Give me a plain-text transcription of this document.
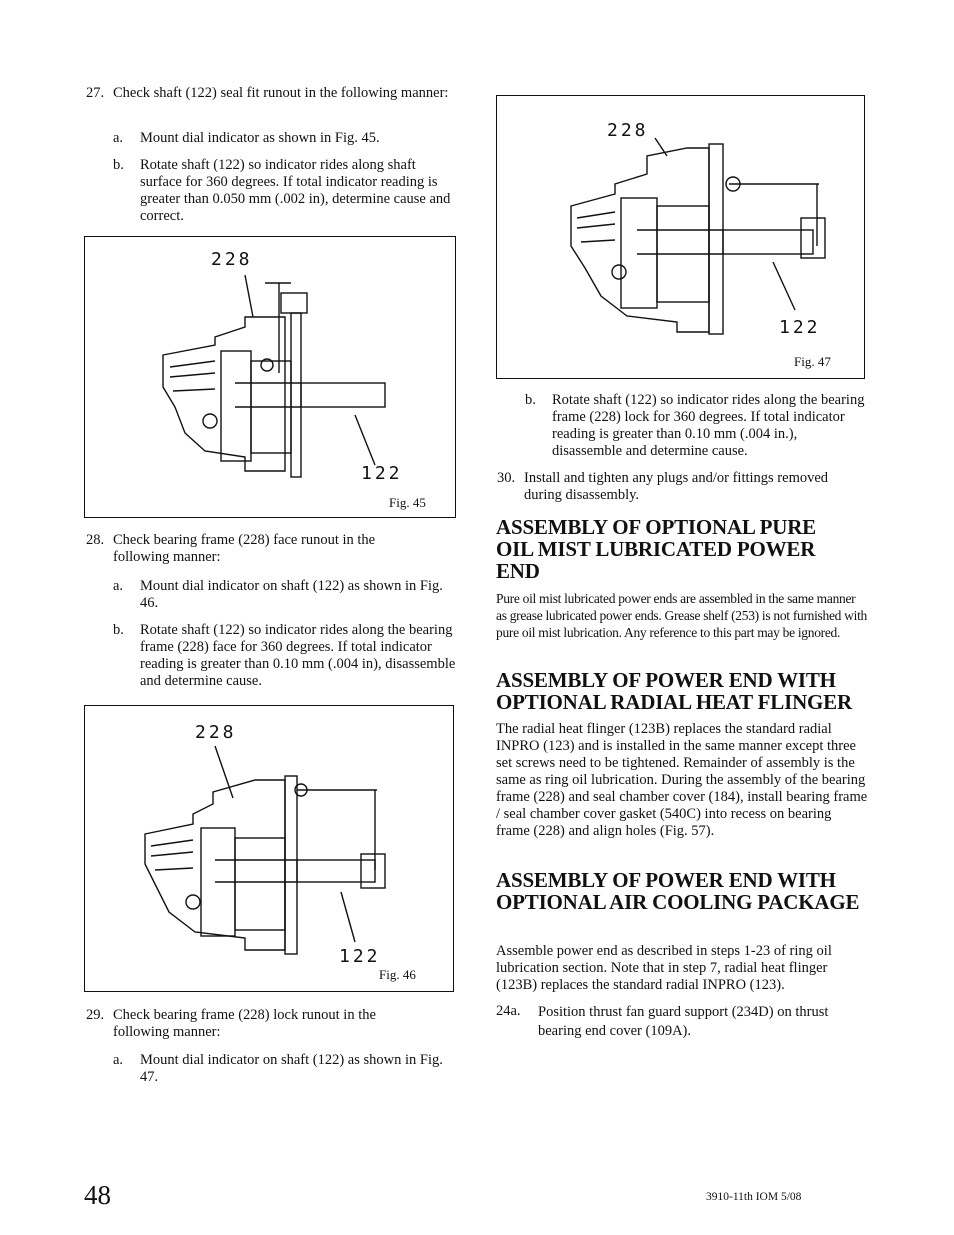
27. Check shaft (122) seal fit runout in the following manner:
a. Mount dial indicator as shown in Fig. 45.
b. Rotate shaft (122) so indicator rides along shaft surface for 360 degrees. If total indicator reading is greater than 0.050 mm (.002 in), determine cause and correct.
228
122
Fig. 45
28. Check bearing frame (228) face runout in the following manner:
a. Mount dial indicator on shaft (122) as shown in Fig. 46.
b. Rotate shaft (122) so indicator rides along the bearing frame (228) face for 360 degrees. If total indicator reading is greater than 0.10 mm (.004 in), disassemble and determine cause.
228
122
Fig. 46
29. Check bearing frame (228) lock runout in the following manner:
a. Mount dial indicator on shaft (122) as shown in Fig. 47.
228
122
Fig. 47
b. Rotate shaft (122) so indicator rides along the bearing frame (228) lock for 360 degrees. If total indicator reading is greater than 0.10 mm (.004 in.), disassemble and determine cause.
30. Install and tighten any plugs and/or fittings removed during disassembly.
ASSEMBLY OF OPTIONAL PURE OIL MIST LUBRICATED POWER END
Pure oil mist lubricated power ends are assembled in the same manner as grease lubricated power ends. Grease shelf (253) is not furnished with pure oil mist lubrication. Any reference to this part may be ignored.
ASSEMBLY OF POWER END WITH OPTIONAL RADIAL HEAT FLINGER
The radial heat flinger (123B) replaces the standard radial INPRO (123) and is installed in the same manner except three set screws need to be tightened. Remainder of assembly is the same as ring oil lubrication. During the assembly of the bearing frame (228) and seal chamber cover (184), install bearing frame / seal chamber cover gasket (540C) into recess on bearing frame (228) and align holes (Fig. 57).
ASSEMBLY OF POWER END WITH OPTIONAL AIR COOLING PACKAGE
Assemble power end as described in steps 1-23 of ring oil lubrication section. Note that in step 7, radial heat flinger (123B) replaces the standard radial INPRO (123).
24a. Position thrust fan guard support (234D) on thrust bearing end cover (109A).
48	3910-11th IOM 5/08
